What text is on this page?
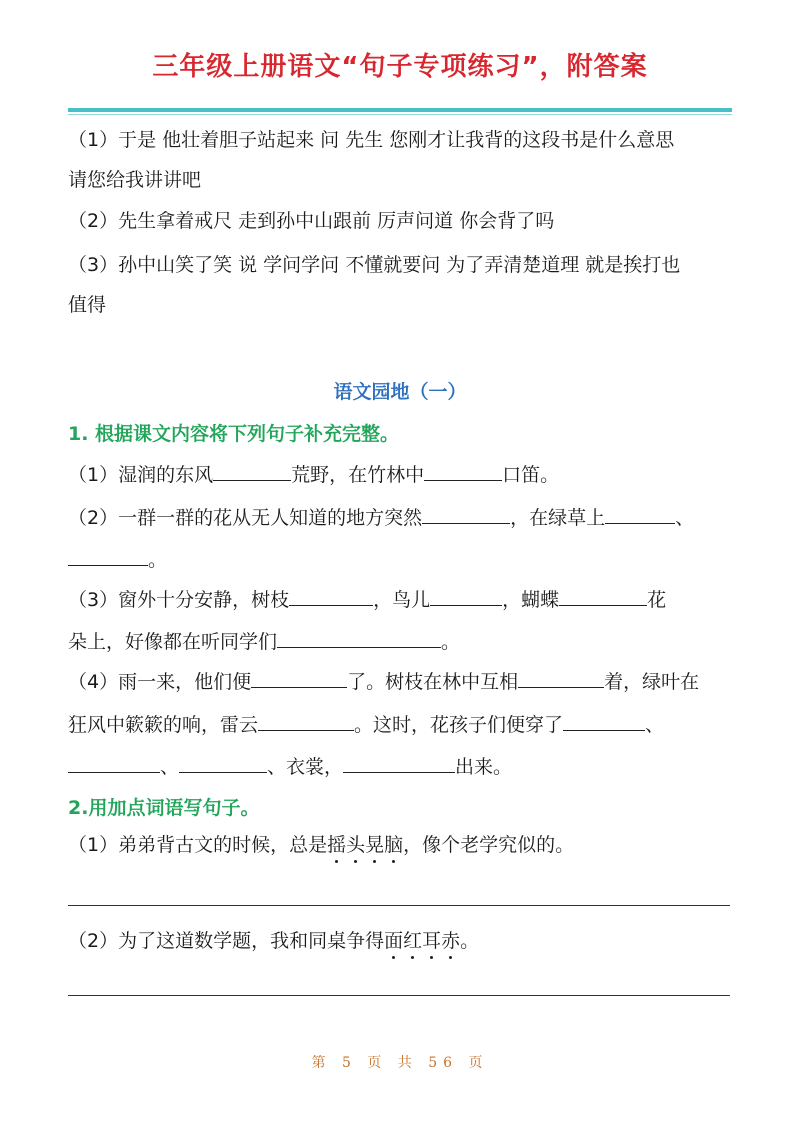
三年级上册语文“句子专项练习”，附答案
（1）于是 他壮着胆子站起来 问 先生 您刚才让我背的这段书是什么意思
请您给我讲讲吧
（2）先生拿着戒尺 走到孙中山跟前 厉声问道 你会背了吗
（3）孙中山笑了笑 说 学问学问 不懂就要问 为了弄清楚道理 就是挨打也
值得
语文园地（一）
1. 根据课文内容将下列句子补充完整。
（1）湿润的东风	荒野，在竹林中	口笛。
（2）一群一群的花从无人知道的地方突然	，在绿草上	、
。
（3）窗外十分安静，树枝	，鸟儿	，蝴蝶	花
朵上，好像都在听同学们	。
（4）雨一来，他们便	了。树枝在林中互相	着，绿叶在
狂风中簌簌的响，雷云	。这时，花孩子们便穿了	、
、	、衣裳，	出来。
2.用加点词语写句子。
（1）弟弟背古文的时候，总是摇头晃脑，像个老学究似的。
（2）为了这道数学题，我和同桌争得面红耳赤。
第 5 页 共 56 页
